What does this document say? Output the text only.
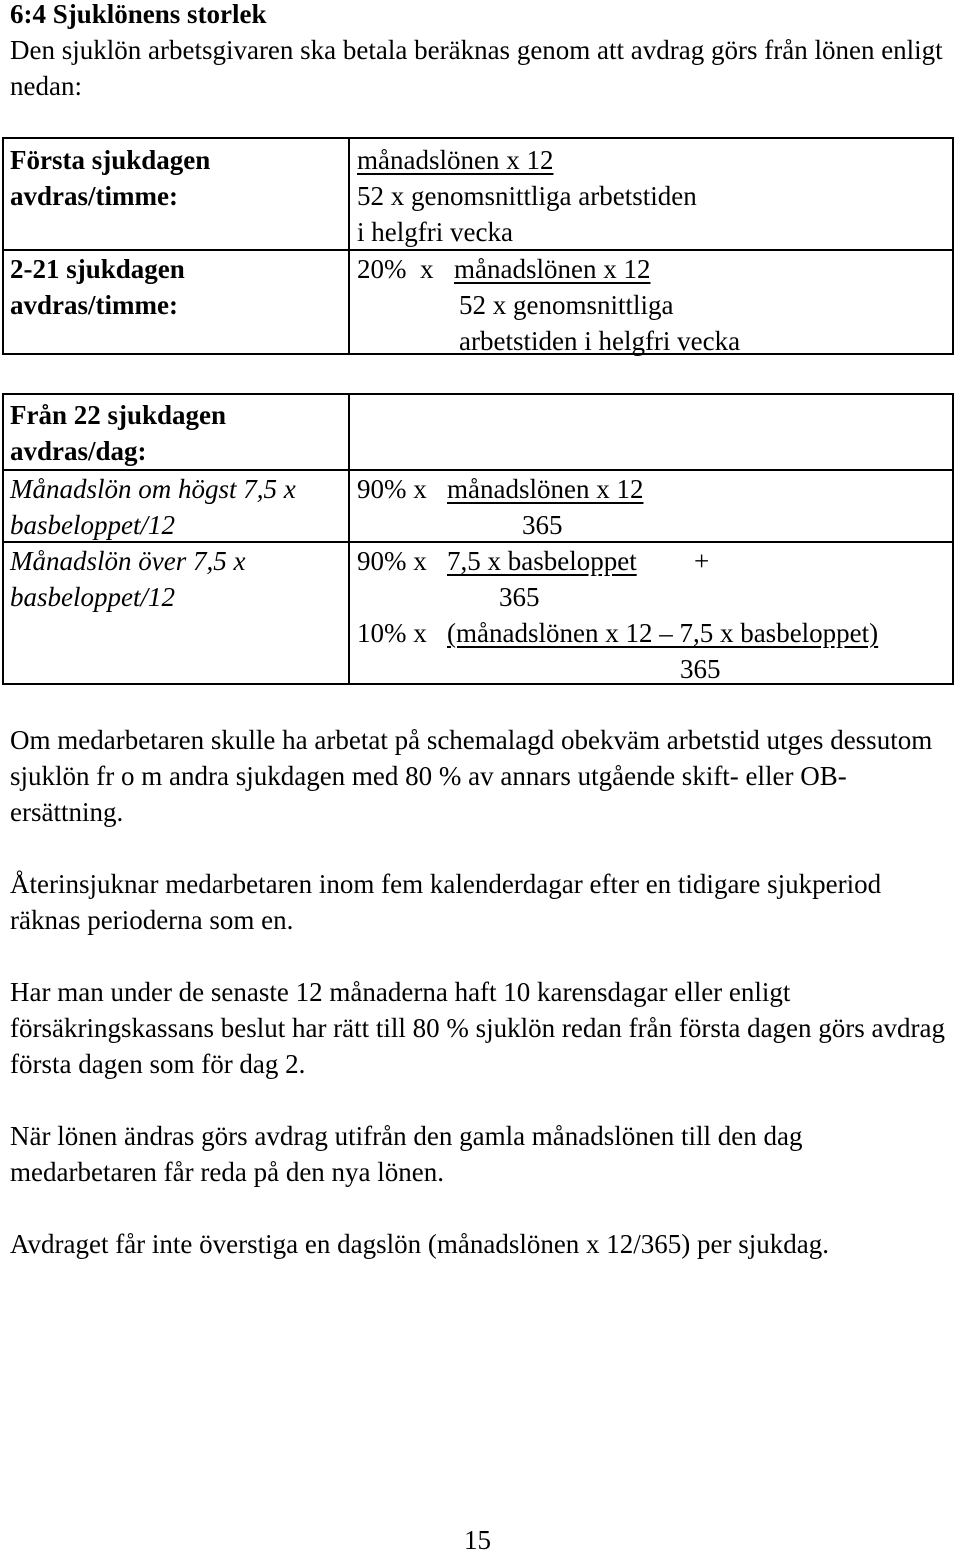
6:4 Sjuklönens storlek
Den sjuklön arbetsgivaren ska betala beräknas genom att avdrag görs från lönen enligt nedan:
Första sjukdagen
avdras/timme:
månadslönen x 12
52 x genomsnittliga arbetstiden
i helgfri vecka
2-21 sjukdagen
avdras/timme:
20%  x månadslönen x 12
52 x genomsnittliga
arbetstiden i helgfri vecka
Från 22 sjukdagen
avdras/dag:
Månadslön om högst 7,5 x
basbeloppet/12
90% x månadslönen x 12
365
Månadslön över 7,5 x
basbeloppet/12
90% x 7,5 x basbeloppet +
365
10% x (månadslönen x 12 – 7,5 x basbeloppet)
365
Om medarbetaren skulle ha arbetat på schemalagd obekväm arbetstid utges dessutom sjuklön fr o m andra sjukdagen med 80 % av annars utgående skift- eller OB-ersättning.
Återinsjuknar medarbetaren inom fem kalenderdagar efter en tidigare sjukperiod räknas perioderna som en.
Har man under de senaste 12 månaderna haft 10 karensdagar eller enligt försäkringskassans beslut har rätt till 80 % sjuklön redan från första dagen görs avdrag första dagen som för dag 2.
När lönen ändras görs avdrag utifrån den gamla månadslönen till den dag medarbetaren får reda på den nya lönen.
Avdraget får inte överstiga en dagslön (månadslönen x 12/365) per sjukdag.
15
